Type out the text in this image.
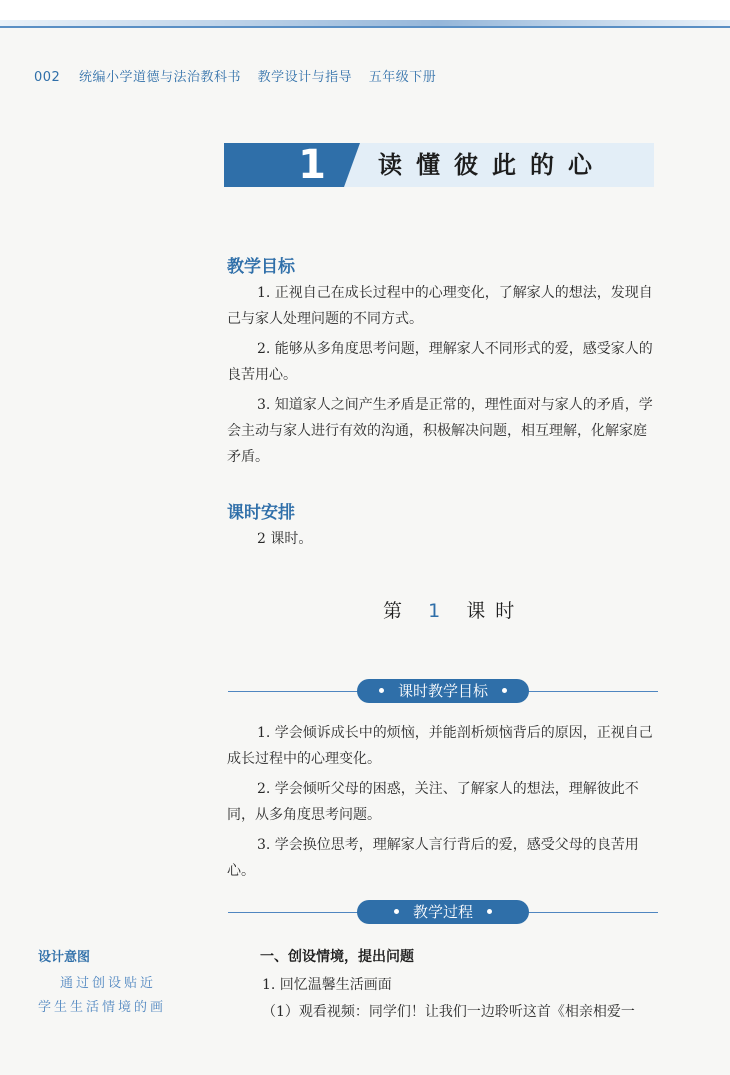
002 统编小学道德与法治教科书 教学设计与指导 五年级下册
1	读懂彼此的心
教学目标
1. 正视自己在成长过程中的心理变化，了解家人的想法，发现自己与家人处理问题的不同方式。
2. 能够从多角度思考问题，理解家人不同形式的爱，感受家人的良苦用心。
3. 知道家人之间产生矛盾是正常的，理性面对与家人的矛盾，学会主动与家人进行有效的沟通，积极解决问题，相互理解，化解家庭矛盾。
课时安排
2 课时。
第 1 课时
课时教学目标
1. 学会倾诉成长中的烦恼，并能剖析烦恼背后的原因，正视自己成长过程中的心理变化。
2. 学会倾听父母的困惑，关注、了解家人的想法，理解彼此不同，从多角度思考问题。
3. 学会换位思考，理解家人言行背后的爱，感受父母的良苦用心。
教学过程
设计意图
通过创设贴近
学生生活情境的画
一、创设情境，提出问题
1. 回忆温馨生活画面
（1）观看视频：同学们！让我们一边聆听这首《相亲相爱一
